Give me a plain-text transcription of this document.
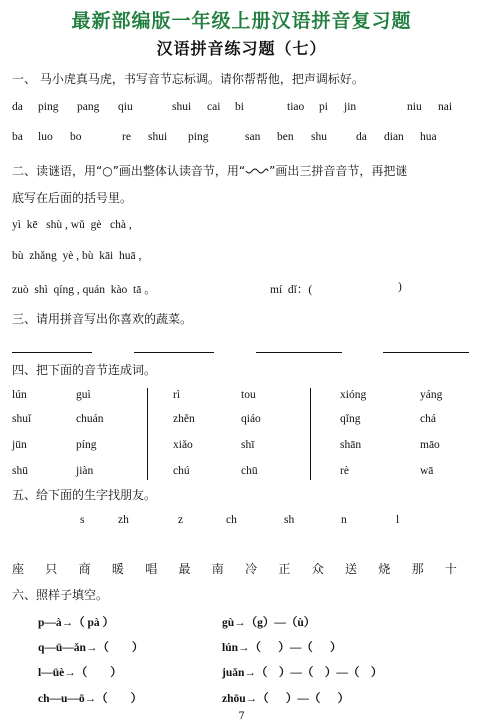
最新部编版一年级上册汉语拼音复习题
汉语拼音练习题（七）
一、 马小虎真马虎，书写音节忘标调。请你帮帮他，把声调标好。
da ping pang qiu	shui cai bi	tiao pi jin	niu nai
ba luo bo	re shui ping	san ben shu	da dian hua
二、读谜语，用“○”画出整体认读音节，用“ ”画出三拼音音节，再把谜
底写在后面的括号里。
yì  kē   shù , wǔ  gè   chà ,
bù  zhǎng  yè , bù  kāi  huā ,
zuò  shì  qíng , quán  kào  tā 。	mí  dǐ：(	)
三、请用拼音写出你喜欢的蔬菜。
四、把下面的音节连成词。
lún	guì	rì	tou	xióng	yáng
shuǐ	chuán	zhěn	qiáo	qǐng	chá
jūn	píng	xiǎo	shī	shān	māo
shū	jiàn	chú	chū	rè	wā
五、给下面的生字找朋友。
s	zh	z	ch	sh	n	l
座 只 商 暖 唱 最 南 冷 正 众 送 烧 那 十
六、照样子填空。
p—à→（ pà ）
q—ü—ǎn→（        ）
l—üè→（        ）
ch—u—ō→（        ）
gù→（g）—（ù）
lún→（      ）—（      ）
juǎn→（    ）—（    ）—（    ）
zhōu→（      ）—（      ）
7
